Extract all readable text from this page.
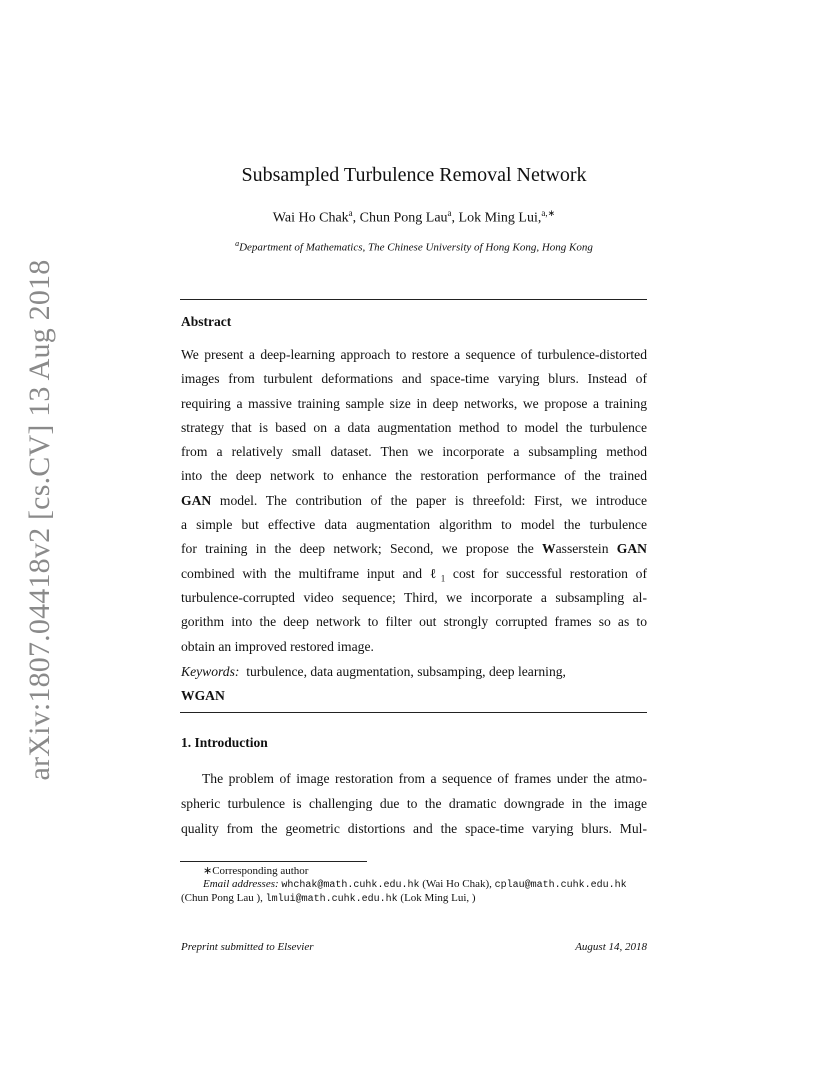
arXiv:1807.04418v2 [cs.CV] 13 Aug 2018
Subsampled Turbulence Removal Network
Wai Ho Chak$^a$, Chun Pong Lau$^a$, Lok Ming Lui,$^{a,∗}$
$^a$Department of Mathematics, The Chinese University of Hong Kong, Hong Kong
Abstract
We present a deep-learning approach to restore a sequence of turbulence-distorted
images from turbulent deformations and space-time varying blurs. Instead of
requiring a massive training sample size in deep networks, we propose a training
strategy that is based on a data augmentation method to model the turbulence
from a relatively small dataset. Then we incorporate a subsampling method
into the deep network to enhance the restoration performance of the trained
GAN model. The contribution of the paper is threefold: First, we introduce
a simple but effective data augmentation algorithm to model the turbulence
for training in the deep network; Second, we propose the Wasserstein GAN
combined with the multiframe input and ℓ$_1$ cost for successful restoration of
turbulence-corrupted video sequence; Third, we incorporate a subsampling al-
gorithm into the deep network to filter out strongly corrupted frames so as to
obtain an improved restored image.
Keywords: turbulence, data augmentation, subsamping, deep learning,
WGAN
1. Introduction
The problem of image restoration from a sequence of frames under the atmo-
spheric turbulence is challenging due to the dramatic downgrade in the image
quality from the geometric distortions and the space-time varying blurs. Mul-
∗Corresponding author
Email addresses: whchak@math.cuhk.edu.hk (Wai Ho Chak), cplau@math.cuhk.edu.hk
(Chun Pong Lau ), lmlui@math.cuhk.edu.hk (Lok Ming Lui, )
Preprint submitted to Elsevier	August 14, 2018
